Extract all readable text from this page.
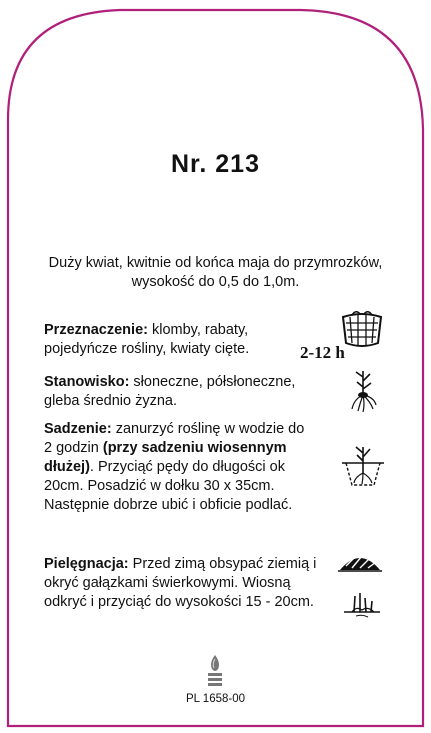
Nr. 213
Duży kwiat, kwitnie od końca maja do przymrozków, wysokość do 0,5 do 1,0m.
Przeznaczenie: klomby, rabaty, pojedyńcze rośliny, kwiaty cięte.	2-12 h
Stanowisko: słoneczne, półsłoneczne, gleba średnio żyzna.
Sadzenie: zanurzyć roślinę w wodzie do 2 godzin (przy sadzeniu wiosennym dłużej). Przyciąć pędy do długości ok 20cm. Posadzić w dołku 30 x 35cm. Następnie dobrze ubić i obficie podlać.
Pielęgnacja: Przed zimą obsypać ziemią i okryć gałązkami świerkowymi. Wiosną odkryć i przyciąć do wysokości 15 - 20cm.
PL 1658-00
